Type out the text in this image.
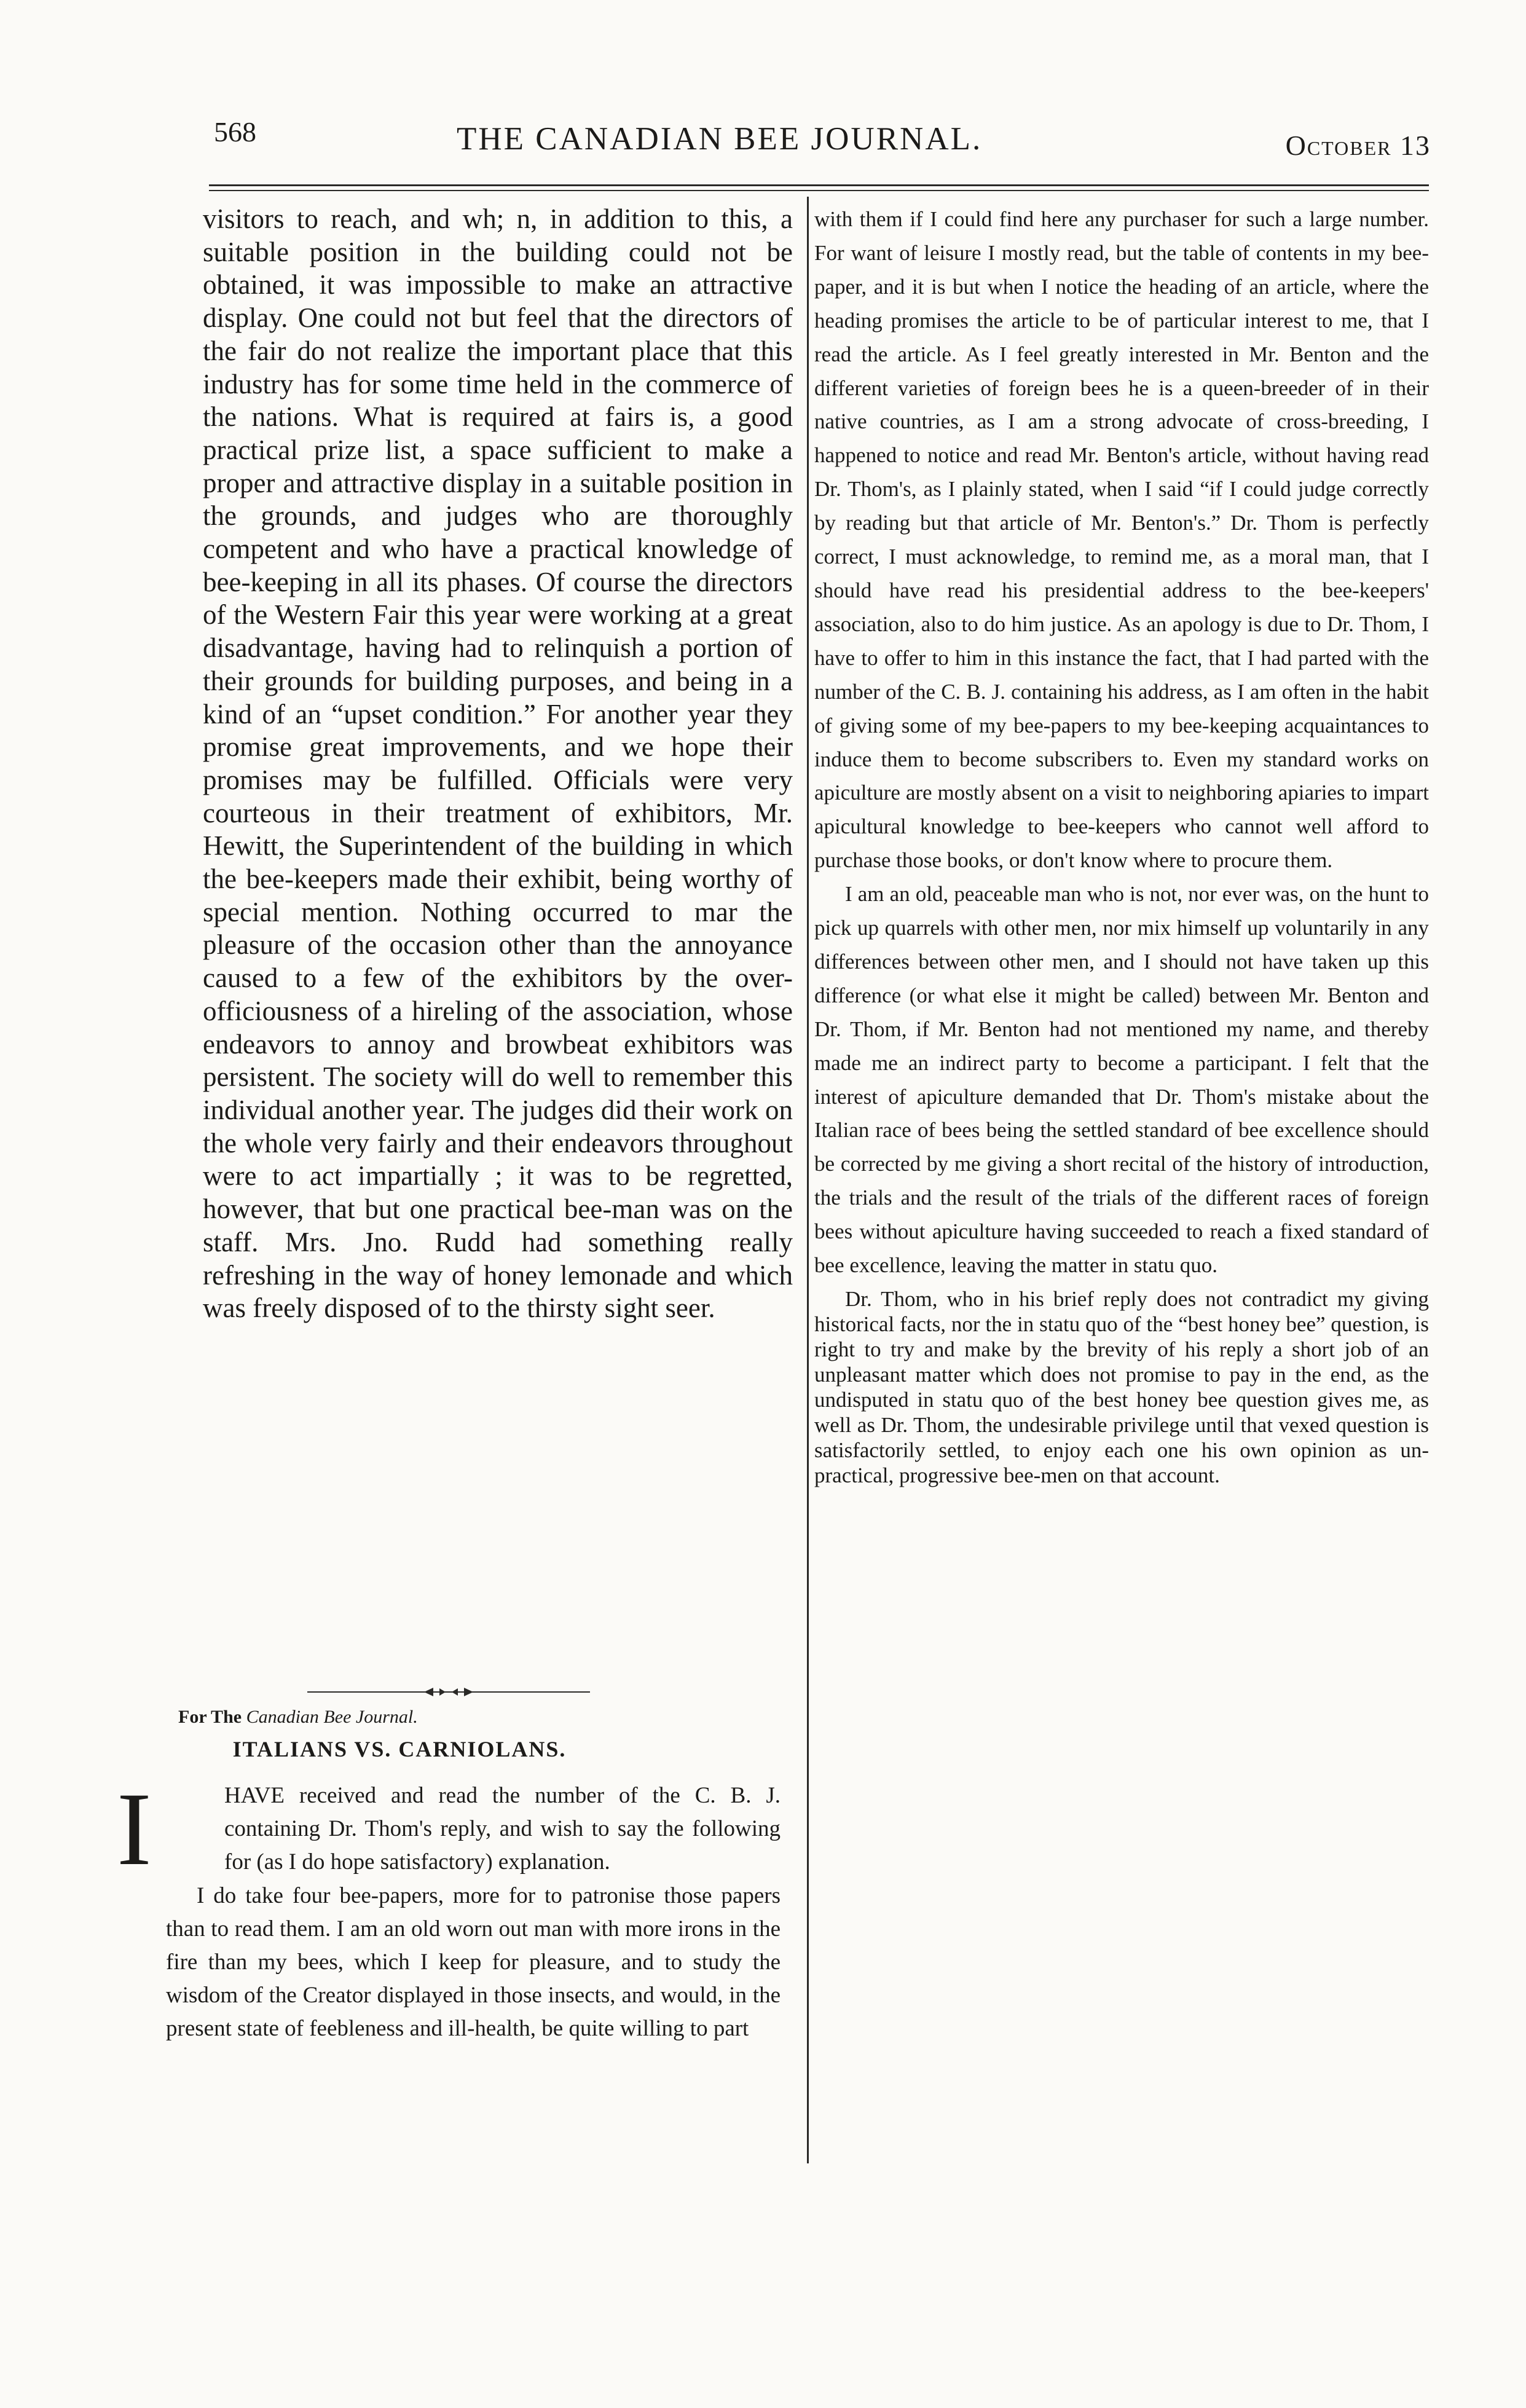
568	THE CANADIAN BEE JOURNAL.	October 13

visitors to reach, and wh; n, in addition to this, a suitable position in the building could not be obtained, it was impossible to make an attractive display. One could not but feel that the directors of the fair do not realize the important place that this industry has for some time held in the commerce of the nations. What is required at fairs is, a good practical prize list, a space sufficient to make a proper and attractive display in a suitable position in the grounds, and judges who are thoroughly competent and who have a practical knowledge of bee-keeping in all its phases. Of course the directors of the Western Fair this year were working at a great disadvantage, having had to relinquish a portion of their grounds for building purposes, and being in a kind of an “upset condition.” For another year they promise great improvements, and we hope their promises may be fulfilled. Officials were very courteous in their treatment of exhibitors, Mr. Hewitt, the Superintendent of the building in which the bee-keepers made their exhibit, being worthy of special mention. Nothing occurred to mar the pleasure of the occasion other than the annoyance caused to a few of the exhibitors by the over-officiousness of a hireling of the association, whose endeavors to annoy and browbeat exhibitors was persistent. The society will do well to remember this individual another year. The judges did their work on the whole very fairly and their endeavors throughout were to act impartially ; it was to be regretted, however, that but one practical bee-man was on the staff. Mrs. Jno. Rudd had something really refreshing in the way of honey lemonade and which was freely disposed of to the thirsty sight seer.

For The Canadian Bee Journal.
ITALIANS VS. CARNIOLANS.

I	HAVE received and read the number of the C. B. J. containing Dr. Thom's reply, and wish to say the following for (as I do hope satisfactory) explanation.

I do take four bee-papers, more for to patronise those papers than to read them. I am an old worn out man with more irons in the fire than my bees, which I keep for pleasure, and to study the wisdom of the Creator displayed in those insects, and would, in the present state of feebleness and ill-health, be quite willing to part

with them if I could find here any purchaser for such a large number. For want of leisure I mostly read, but the table of contents in my bee-paper, and it is but when I notice the heading of an article, where the heading promises the article to be of particular interest to me, that I read the article. As I feel greatly interested in Mr. Benton and the different varieties of foreign bees he is a queen-breeder of in their native countries, as I am a strong advocate of cross-breeding, I happened to notice and read Mr. Benton's article, without having read Dr. Thom's, as I plainly stated, when I said “if I could judge correctly by reading but that article of Mr. Benton's.” Dr. Thom is perfectly correct, I must acknowledge, to remind me, as a moral man, that I should have read his presidential address to the bee-keepers' association, also to do him justice. As an apology is due to Dr. Thom, I have to offer to him in this instance the fact, that I had parted with the number of the C. B. J. containing his address, as I am often in the habit of giving some of my bee-papers to my bee-keeping acquaintances to induce them to become subscribers to. Even my standard works on apiculture are mostly absent on a visit to neighboring apiaries to impart apicultural knowledge to bee-keepers who cannot well afford to purchase those books, or don't know where to procure them.

I am an old, peaceable man who is not, nor ever was, on the hunt to pick up quarrels with other men, nor mix himself up voluntarily in any differences between other men, and I should not have taken up this difference (or what else it might be called) between Mr. Benton and Dr. Thom, if Mr. Benton had not mentioned my name, and thereby made me an indirect party to become a participant. I felt that the interest of apiculture demanded that Dr. Thom's mistake about the Italian race of bees being the settled standard of bee excellence should be corrected by me giving a short recital of the history of introduction, the trials and the result of the trials of the different races of foreign bees without apiculture having succeeded to reach a fixed standard of bee excellence, leaving the matter in statu quo.

Dr. Thom, who in his brief reply does not contradict my giving historical facts, nor the in statu quo of the “best honey bee” question, is right to try and make by the brevity of his reply a short job of an unpleasant matter which does not promise to pay in the end, as the undisputed in statu quo of the best honey bee question gives me, as well as Dr. Thom, the undesirable privilege until that vexed question is satisfactorily settled, to enjoy each one his own opinion as un-practical, progressive bee-men on that account.
